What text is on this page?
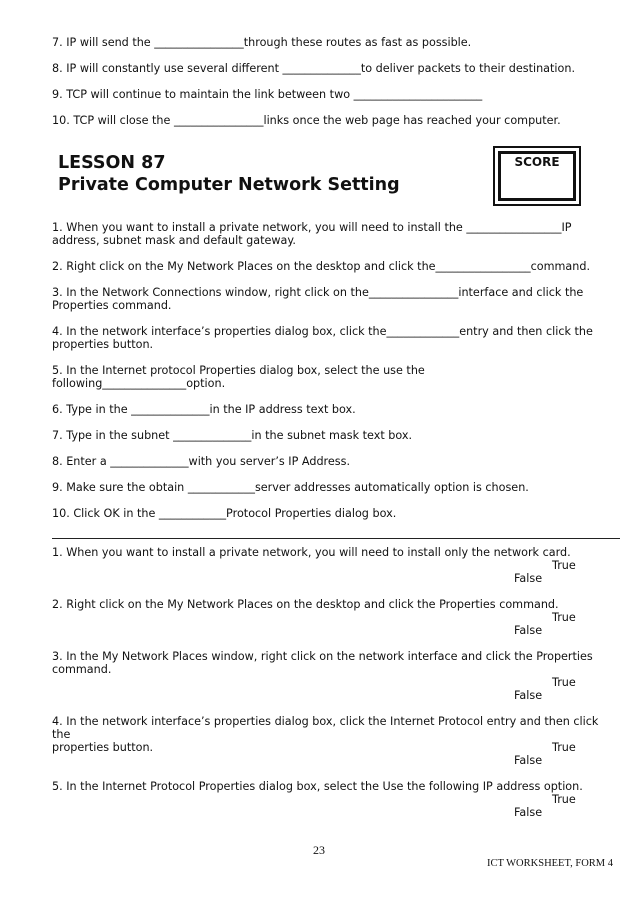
7. IP will send the ________________through these routes as fast as possible.
8. IP will constantly use several different ______________to deliver packets to their destination.
9. TCP will continue to maintain the link between two _______________________
10. TCP will close the ________________links once the web page has reached your computer.
LESSON 87
Private Computer Network Setting
SCORE
1. When you want to install a private network, you will need to install the _________________IP
address, subnet mask and default gateway.
2. Right click on the My Network Places on the desktop and click the_________________command.
3. In the Network Connections window, right click on the________________interface and click the
Properties command.
4. In the network interface’s properties dialog box, click the_____________entry and then click the
properties button.
5. In the Internet protocol Properties dialog box, select the use the
following_______________option.
6. Type in the ______________in the IP address text box.
7. Type in the subnet ______________in the subnet mask text box.
8. Enter a ______________with you server’s IP Address.
9. Make sure the obtain ____________server addresses automatically option is chosen.
10. Click OK in the ____________Protocol Properties dialog box.
1. When you want to install a private network, you will need to install only the network card.
True
False
2. Right click on the My Network Places on the desktop and click the Properties command.
True
False
3. In the My Network Places window, right click on the network interface and click the Properties
command.
True
False
4. In the network interface’s properties dialog box, click the Internet Protocol entry and then click the
properties button.	True
False
5. In the Internet Protocol Properties dialog box, select the Use the following IP address option.
True
False
23
ICT WORKSHEET, FORM 4
